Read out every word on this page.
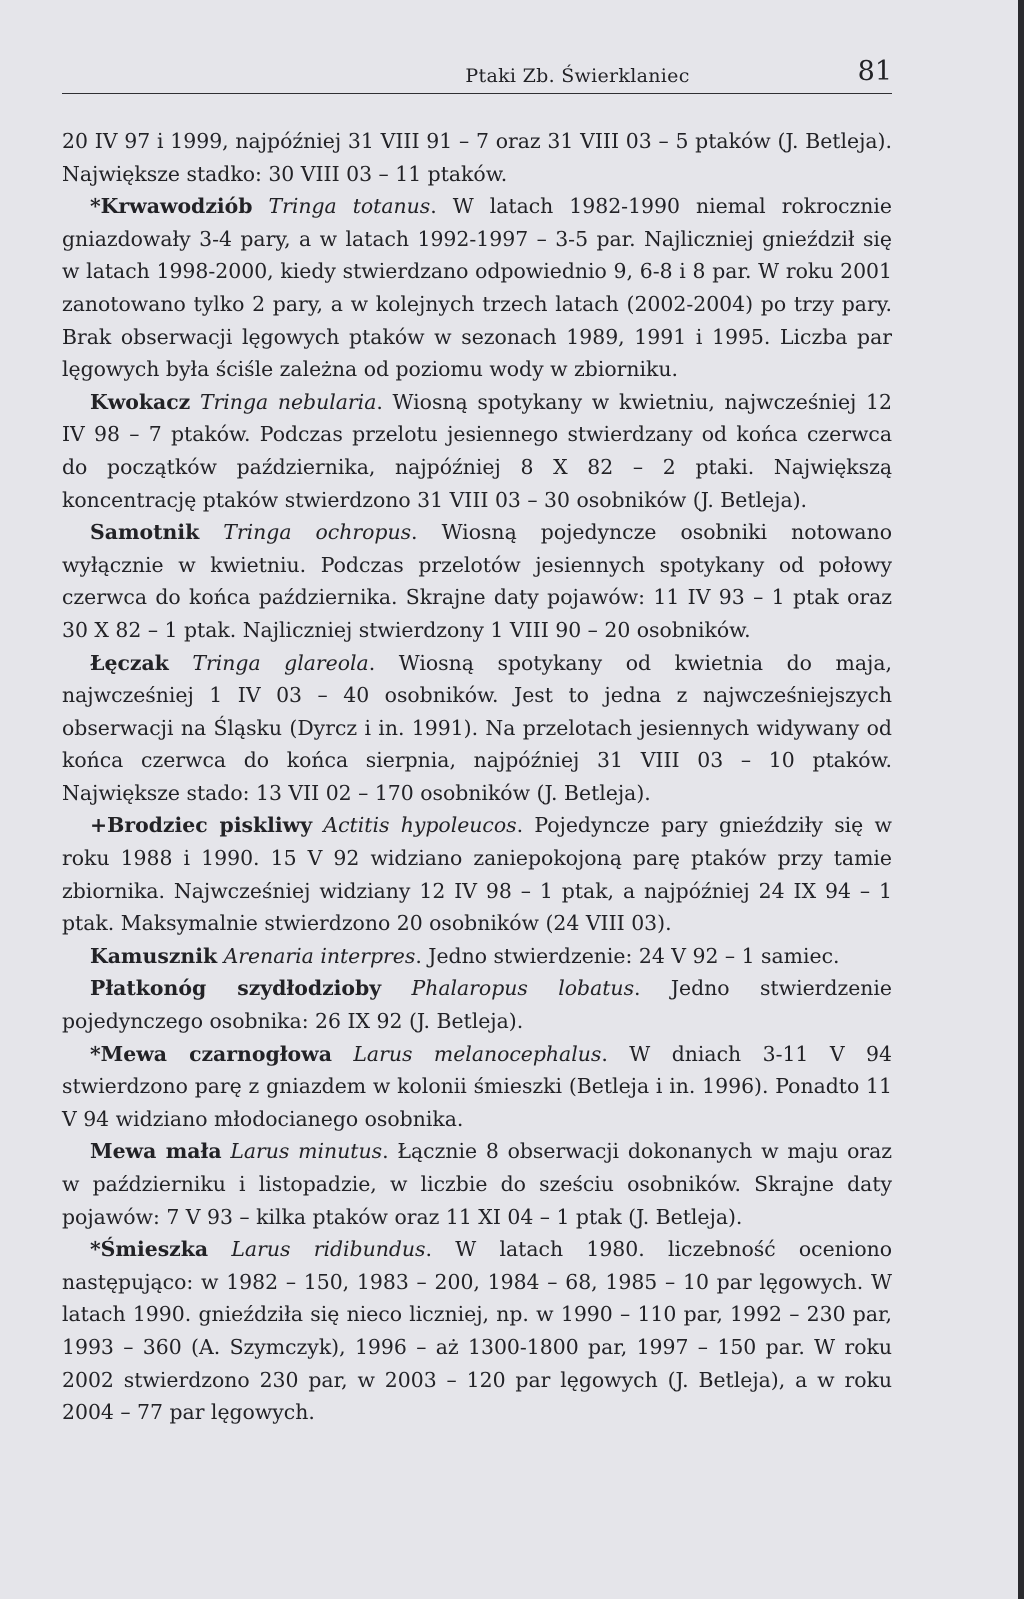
Ptaki Zb. Świerklaniec	81

20 IV 97 i 1999, najpóźniej 31 VIII 91 – 7 oraz 31 VIII 03 – 5 ptaków (J. Betleja). Największe stadko: 30 VIII 03 – 11 ptaków.

*Krwawodziób Tringa totanus. W latach 1982-1990 niemal rokrocznie gniazdowały 3-4 pary, a w latach 1992-1997 – 3-5 par. Najliczniej gnieździł się w latach 1998-2000, kiedy stwierdzano odpowiednio 9, 6-8 i 8 par. W roku 2001 zanotowano tylko 2 pary, a w kolejnych trzech latach (2002-2004) po trzy pary. Brak obserwacji lęgowych ptaków w sezonach 1989, 1991 i 1995. Liczba par lęgowych była ściśle zależna od poziomu wody w zbiorniku.

Kwokacz Tringa nebularia. Wiosną spotykany w kwietniu, najwcześniej 12 IV 98 – 7 ptaków. Podczas przelotu jesiennego stwierdzany od końca czerwca do początków października, najpóźniej 8 X 82 – 2 ptaki. Największą koncentrację ptaków stwierdzono 31 VIII 03 – 30 osobników (J. Betleja).

Samotnik Tringa ochropus. Wiosną pojedyncze osobniki notowano wyłącznie w kwietniu. Podczas przelotów jesiennych spotykany od połowy czerwca do końca października. Skrajne daty pojawów: 11 IV 93 – 1 ptak oraz 30 X 82 – 1 ptak. Najliczniej stwierdzony 1 VIII 90 – 20 osobników.

Łęczak Tringa glareola. Wiosną spotykany od kwietnia do maja, najwcześniej 1 IV 03 – 40 osobników. Jest to jedna z najwcześniejszych obserwacji na Śląsku (Dyrcz i in. 1991). Na przelotach jesiennych widywany od końca czerwca do końca sierpnia, najpóźniej 31 VIII 03 – 10 ptaków. Największe stado: 13 VII 02 – 170 osobników (J. Betleja).

+Brodziec piskliwy Actitis hypoleucos. Pojedyncze pary gnieździły się w roku 1988 i 1990. 15 V 92 widziano zaniepokojoną parę ptaków przy tamie zbiornika. Najwcześniej widziany 12 IV 98 – 1 ptak, a najpóźniej 24 IX 94 – 1 ptak. Maksymalnie stwierdzono 20 osobników (24 VIII 03).

Kamusznik Arenaria interpres. Jedno stwierdzenie: 24 V 92 – 1 samiec.

Płatkonóg szydłodzioby Phalaropus lobatus. Jedno stwierdzenie pojedynczego osobnika: 26 IX 92 (J. Betleja).

*Mewa czarnogłowa Larus melanocephalus. W dniach 3-11 V 94 stwierdzono parę z gniazdem w kolonii śmieszki (Betleja i in. 1996). Ponadto 11 V 94 widziano młodocianego osobnika.

Mewa mała Larus minutus. Łącznie 8 obserwacji dokonanych w maju oraz w październiku i listopadzie, w liczbie do sześciu osobników. Skrajne daty pojawów: 7 V 93 – kilka ptaków oraz 11 XI 04 – 1 ptak (J. Betleja).

*Śmieszka Larus ridibundus. W latach 1980. liczebność oceniono następująco: w 1982 – 150, 1983 – 200, 1984 – 68, 1985 – 10 par lęgowych. W latach 1990. gnieździła się nieco liczniej, np. w 1990 – 110 par, 1992 – 230 par, 1993 – 360 (A. Szymczyk), 1996 – aż 1300-1800 par, 1997 – 150 par. W roku 2002 stwierdzono 230 par, w 2003 – 120 par lęgowych (J. Betleja), a w roku 2004 – 77 par lęgowych.
